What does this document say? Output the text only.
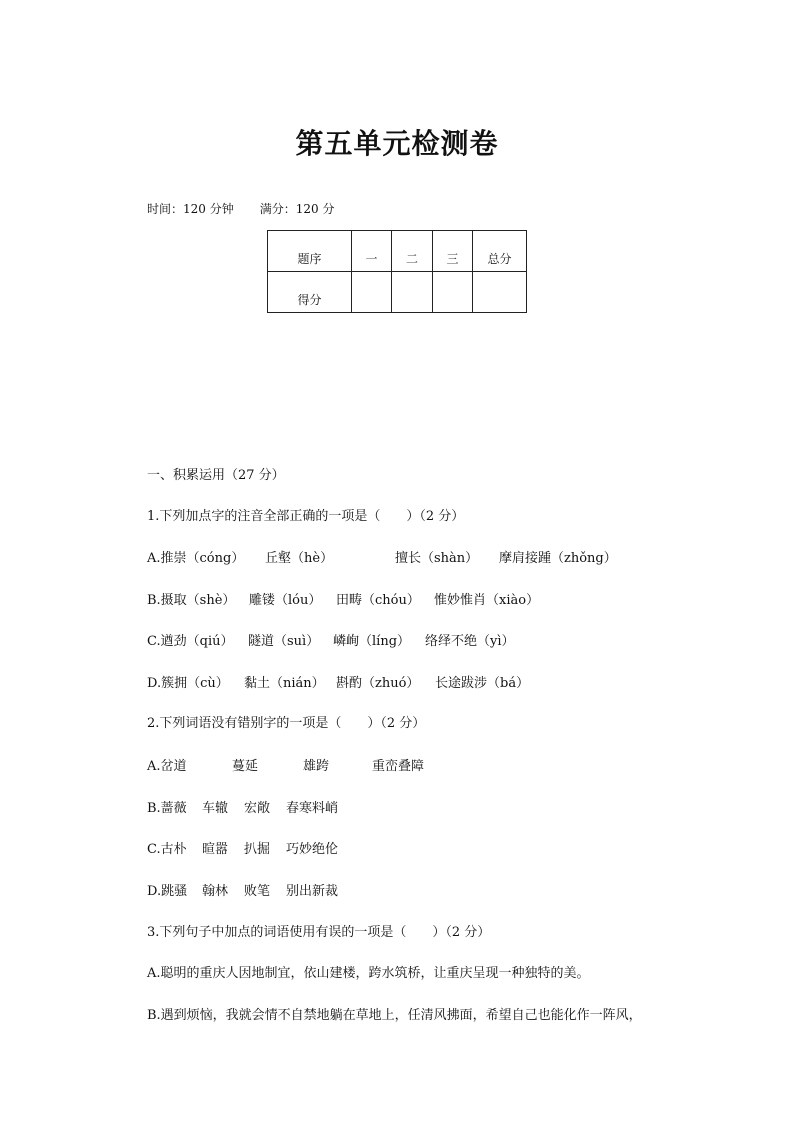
第五单元检测卷
时间：120 分钟 满分：120 分
题序	一	二	三	总分
得分				

一、积累运用（27 分）

1.下列加点字的注音全部正确的一项是（　　）（2 分）

A.推崇（cóng） 丘壑（hè）	擅长（shàn） 摩肩接踵（zhǒng）

B.摄取（shè） 雕镂（lóu） 田畴（chóu） 惟妙惟肖（xiào）

C.遒劲（qiú） 隧道（suì） 嶙峋（líng） 络绎不绝（yì）

D.簇拥（cù） 黏土（nián） 斟酌（zhuó） 长途跋涉（bá）

2.下列词语没有错别字的一项是（　　）（2 分）

A.岔道	蔓延	雄跨	重峦叠障

B.蔷薇 车辙 宏敞 春寒料峭

C.古朴 暄嚣 扒掘 巧妙绝伦

D.跳骚 翰林 败笔 别出新裁

3.下列句子中加点的词语使用有误的一项是（　　）（2 分）

A.聪明的重庆人因地制宜，依山建楼，跨水筑桥，让重庆呈现一种独特的美。

B.遇到烦恼，我就会情不自禁地躺在草地上，任清风拂面，希望自己也能化作一阵风，
